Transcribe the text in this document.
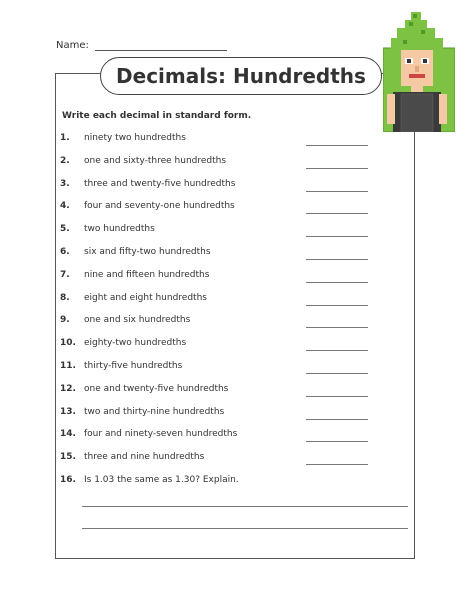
Name:
Decimals: Hundredths
Write each decimal in standard form.
1.	ninety two hundredths
2.	one and sixty-three hundredths
3.	three and twenty-five hundredths
4.	four and seventy-one hundredths
5.	two hundredths
6.	six and fifty-two hundredths
7.	nine and fifteen hundredths
8.	eight and eight hundredths
9.	one and six hundredths
10. eighty-two hundredths
11. thirty-five hundredths
12. one and twenty-five hundredths
13. two and thirty-nine hundredths
14. four and ninety-seven hundredths
15. three and nine hundredths
16. Is 1.03 the same as 1.30? Explain.
